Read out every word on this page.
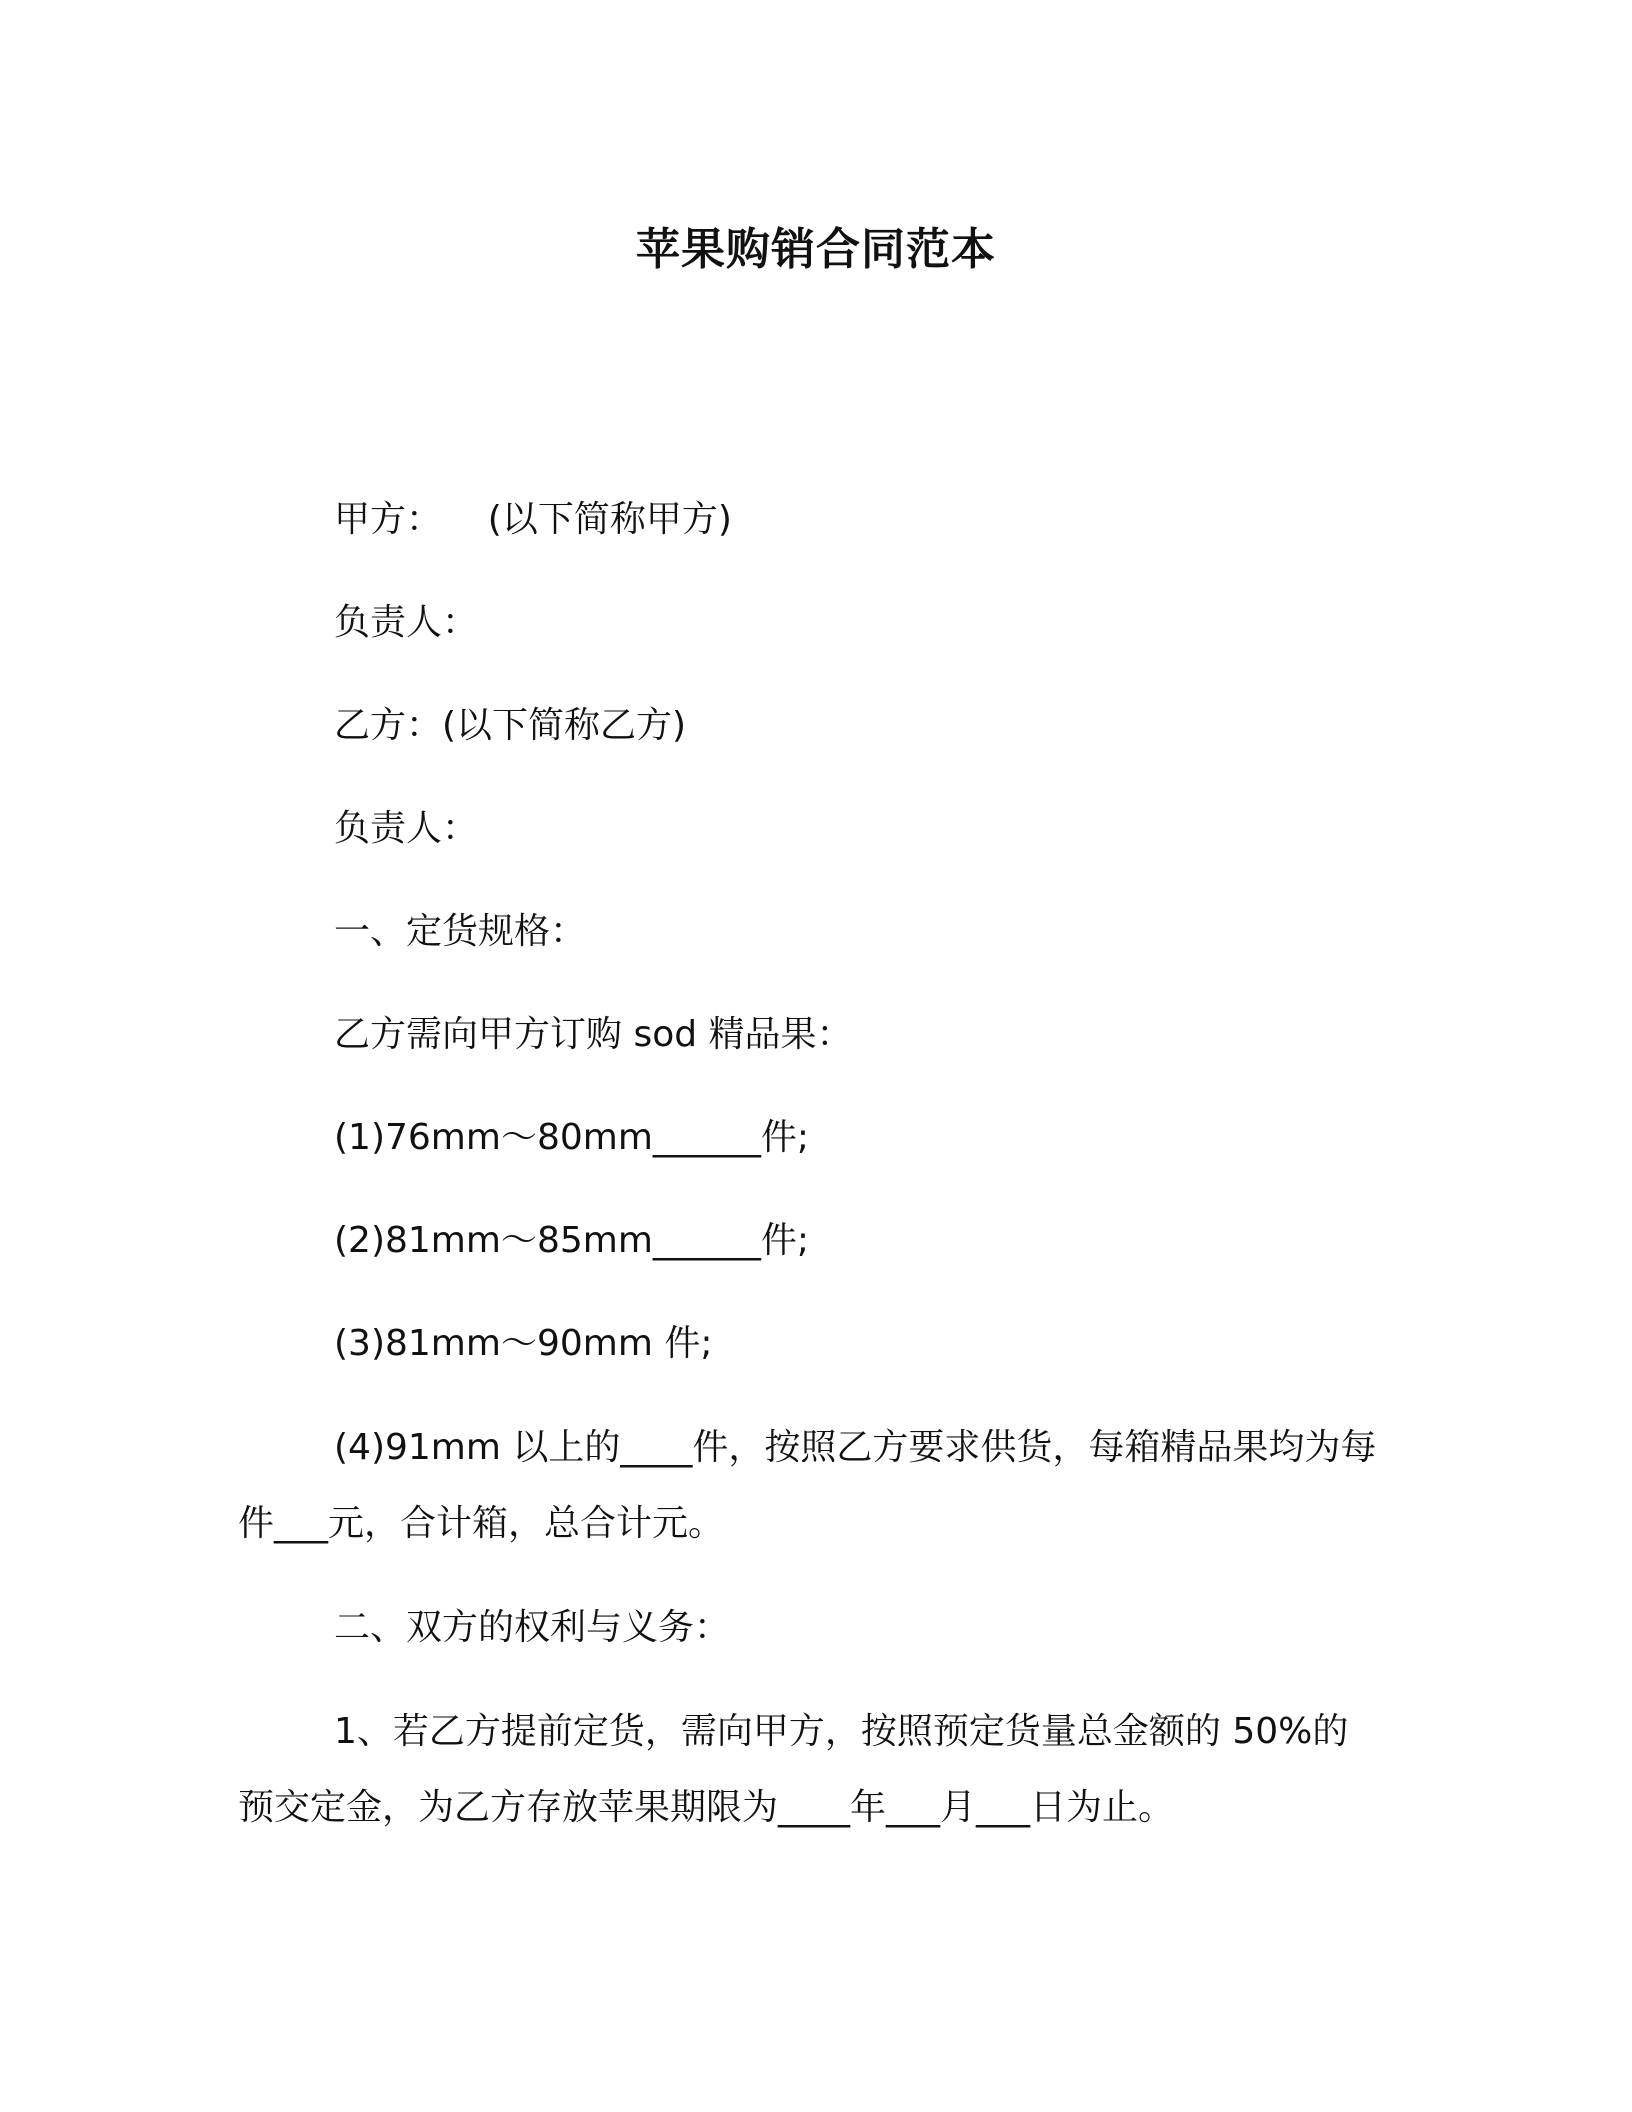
苹果购销合同范本
甲方：    (以下简称甲方)
负责人：
乙方：(以下简称乙方)
负责人：
一、定货规格：
乙方需向甲方订购 sod 精品果：
(1)76mm～80mm______件;
(2)81mm～85mm______件;
(3)81mm～90mm 件;
(4)91mm 以上的____件，按照乙方要求供货，每箱精品果均为每件___元，合计箱，总合计元。
二、双方的权利与义务：
1、若乙方提前定货，需向甲方，按照预定货量总金额的 50%的预交定金，为乙方存放苹果期限为____年___月___日为止。
